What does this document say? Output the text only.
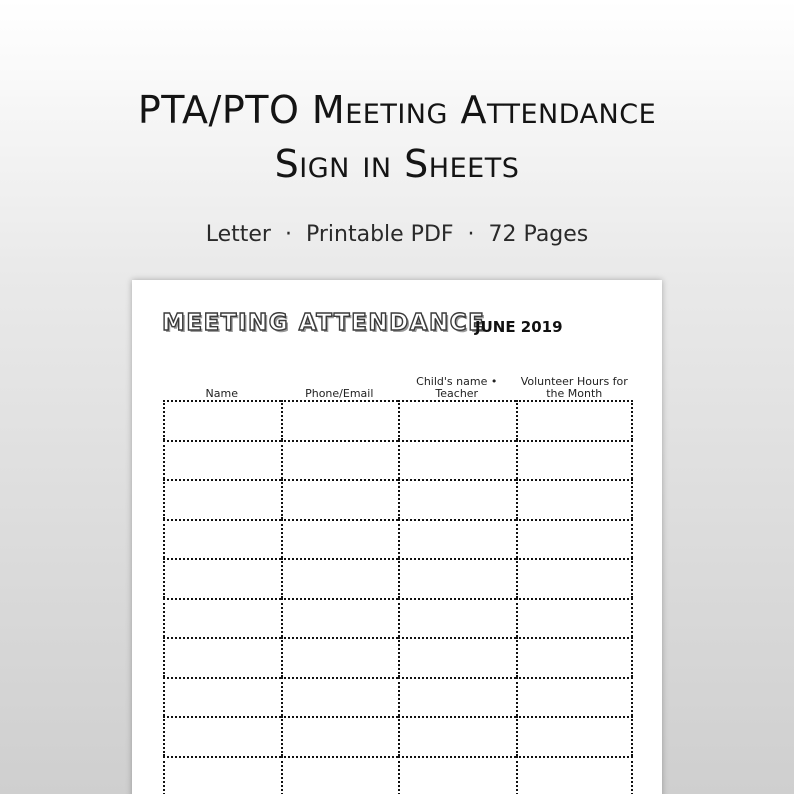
PTA/PTO Meeting Attendance
Sign in Sheets
Letter · Printable PDF · 72 Pages
MEETING ATTENDANCE
JUNE 2019
Name	Phone/Email
Child's name • Teacher
Volunteer Hours for the Month
